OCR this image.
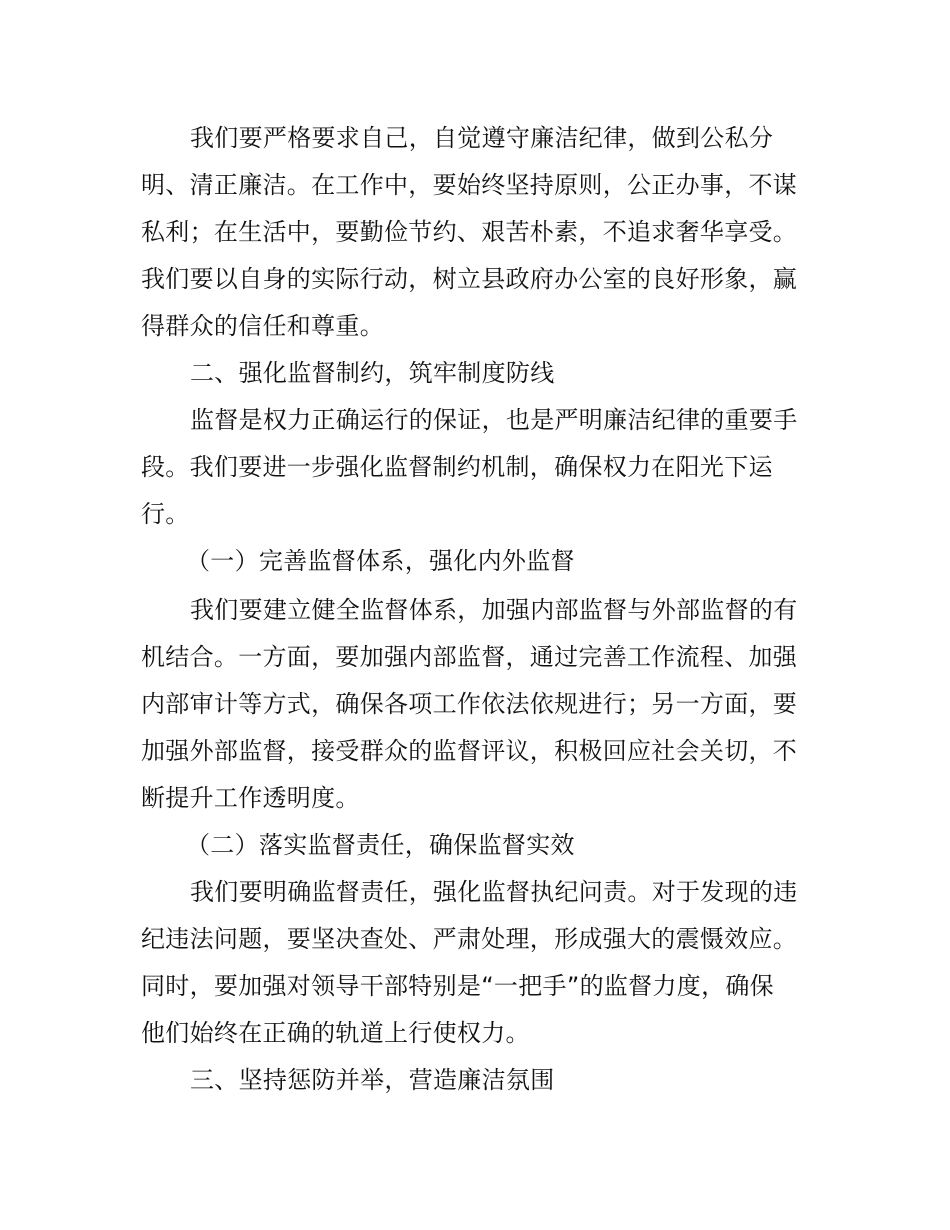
我们要严格要求自己，自觉遵守廉洁纪律，做到公私分
明、清正廉洁。在工作中，要始终坚持原则，公正办事，不谋
私利；在生活中，要勤俭节约、艰苦朴素，不追求奢华享受。
我们要以自身的实际行动，树立县政府办公室的良好形象，赢
得群众的信任和尊重。
二、强化监督制约，筑牢制度防线
监督是权力正确运行的保证，也是严明廉洁纪律的重要手
段。我们要进一步强化监督制约机制，确保权力在阳光下运
行。
（一）完善监督体系，强化内外监督
我们要建立健全监督体系，加强内部监督与外部监督的有
机结合。一方面，要加强内部监督，通过完善工作流程、加强
内部审计等方式，确保各项工作依法依规进行；另一方面，要
加强外部监督，接受群众的监督评议，积极回应社会关切，不
断提升工作透明度。
（二）落实监督责任，确保监督实效
我们要明确监督责任，强化监督执纪问责。对于发现的违
纪违法问题，要坚决查处、严肃处理，形成强大的震慑效应。
同时，要加强对领导干部特别是“一把手”的监督力度，确保
他们始终在正确的轨道上行使权力。
三、坚持惩防并举，营造廉洁氛围
